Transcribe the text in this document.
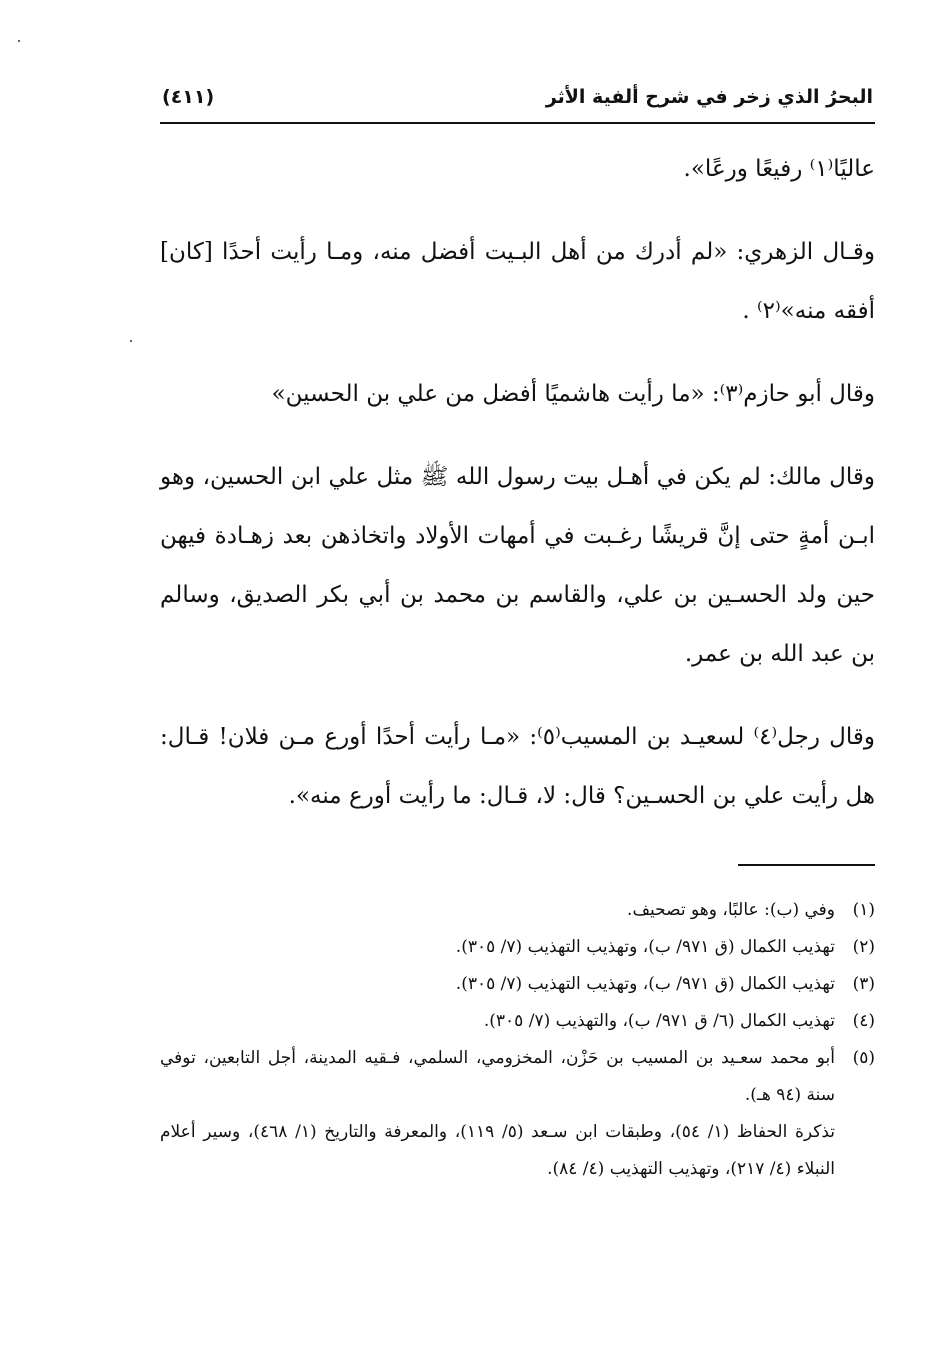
البحرُ الذي زخر في شرح ألفية الأثر
(٤١١)

عاليًا⁽١⁾ رفيعًا ورعًا».

وقـال الزهري: «لم أدرك من أهل البـيت أفضل منه، ومـا رأيت أحدًا [كان] أفقه منه»⁽٢⁾ .

وقال أبو حازم⁽٣⁾: «ما رأيت هاشميًا أفضل من علي بن الحسين»

وقال مالك: لم يكن في أهـل بيت رسول الله ﷺ مثل علي ابن الحسين، وهو ابـن أمةٍ حتى إنَّ قريشًا رغـبت في أمهات الأولاد واتخاذهن بعد زهـادة فيهن حين ولد الحسـين بن علي، والقاسم بن محمد بن أبي بكر الصديق، وسالم بن عبد الله بن عمر.

وقال رجل⁽٤⁾ لسعيـد بن المسيب⁽٥⁾: «مـا رأيت أحدًا أورع مـن فلان! قـال: هل رأيت علي بن الحسـين؟ قال: لا، قـال: ما رأيت أورع منه».

(١)
وفي (ب): عالبًا، وهو تصحيف.
(٢)
تهذيب الكمال (ق ٩٧١/ ب)، وتهذيب التهذيب (٧/ ٣٠٥).
(٣)
تهذيب الكمال (ق ٩٧١/ ب)، وتهذيب التهذيب (٧/ ٣٠٥).
(٤)
تهذيب الكمال (٦/ ق ٩٧١/ ب)، والتهذيب (٧/ ٣٠٥).
(٥)
أبو محمد سعـيد بن المسيب بن حَزْن، المخزومي، السلمي، فـقيه المدينة، أجل التابعين، توفي سنة (٩٤ هـ).
تذكرة الحفاظ (١/ ٥٤)، وطبقات ابن سـعد (٥/ ١١٩)، والمعرفة والتاريخ (١/ ٤٦٨)، وسير أعلام النبلاء (٤/ ٢١٧)، وتهذيب التهذيب (٤/ ٨٤).
